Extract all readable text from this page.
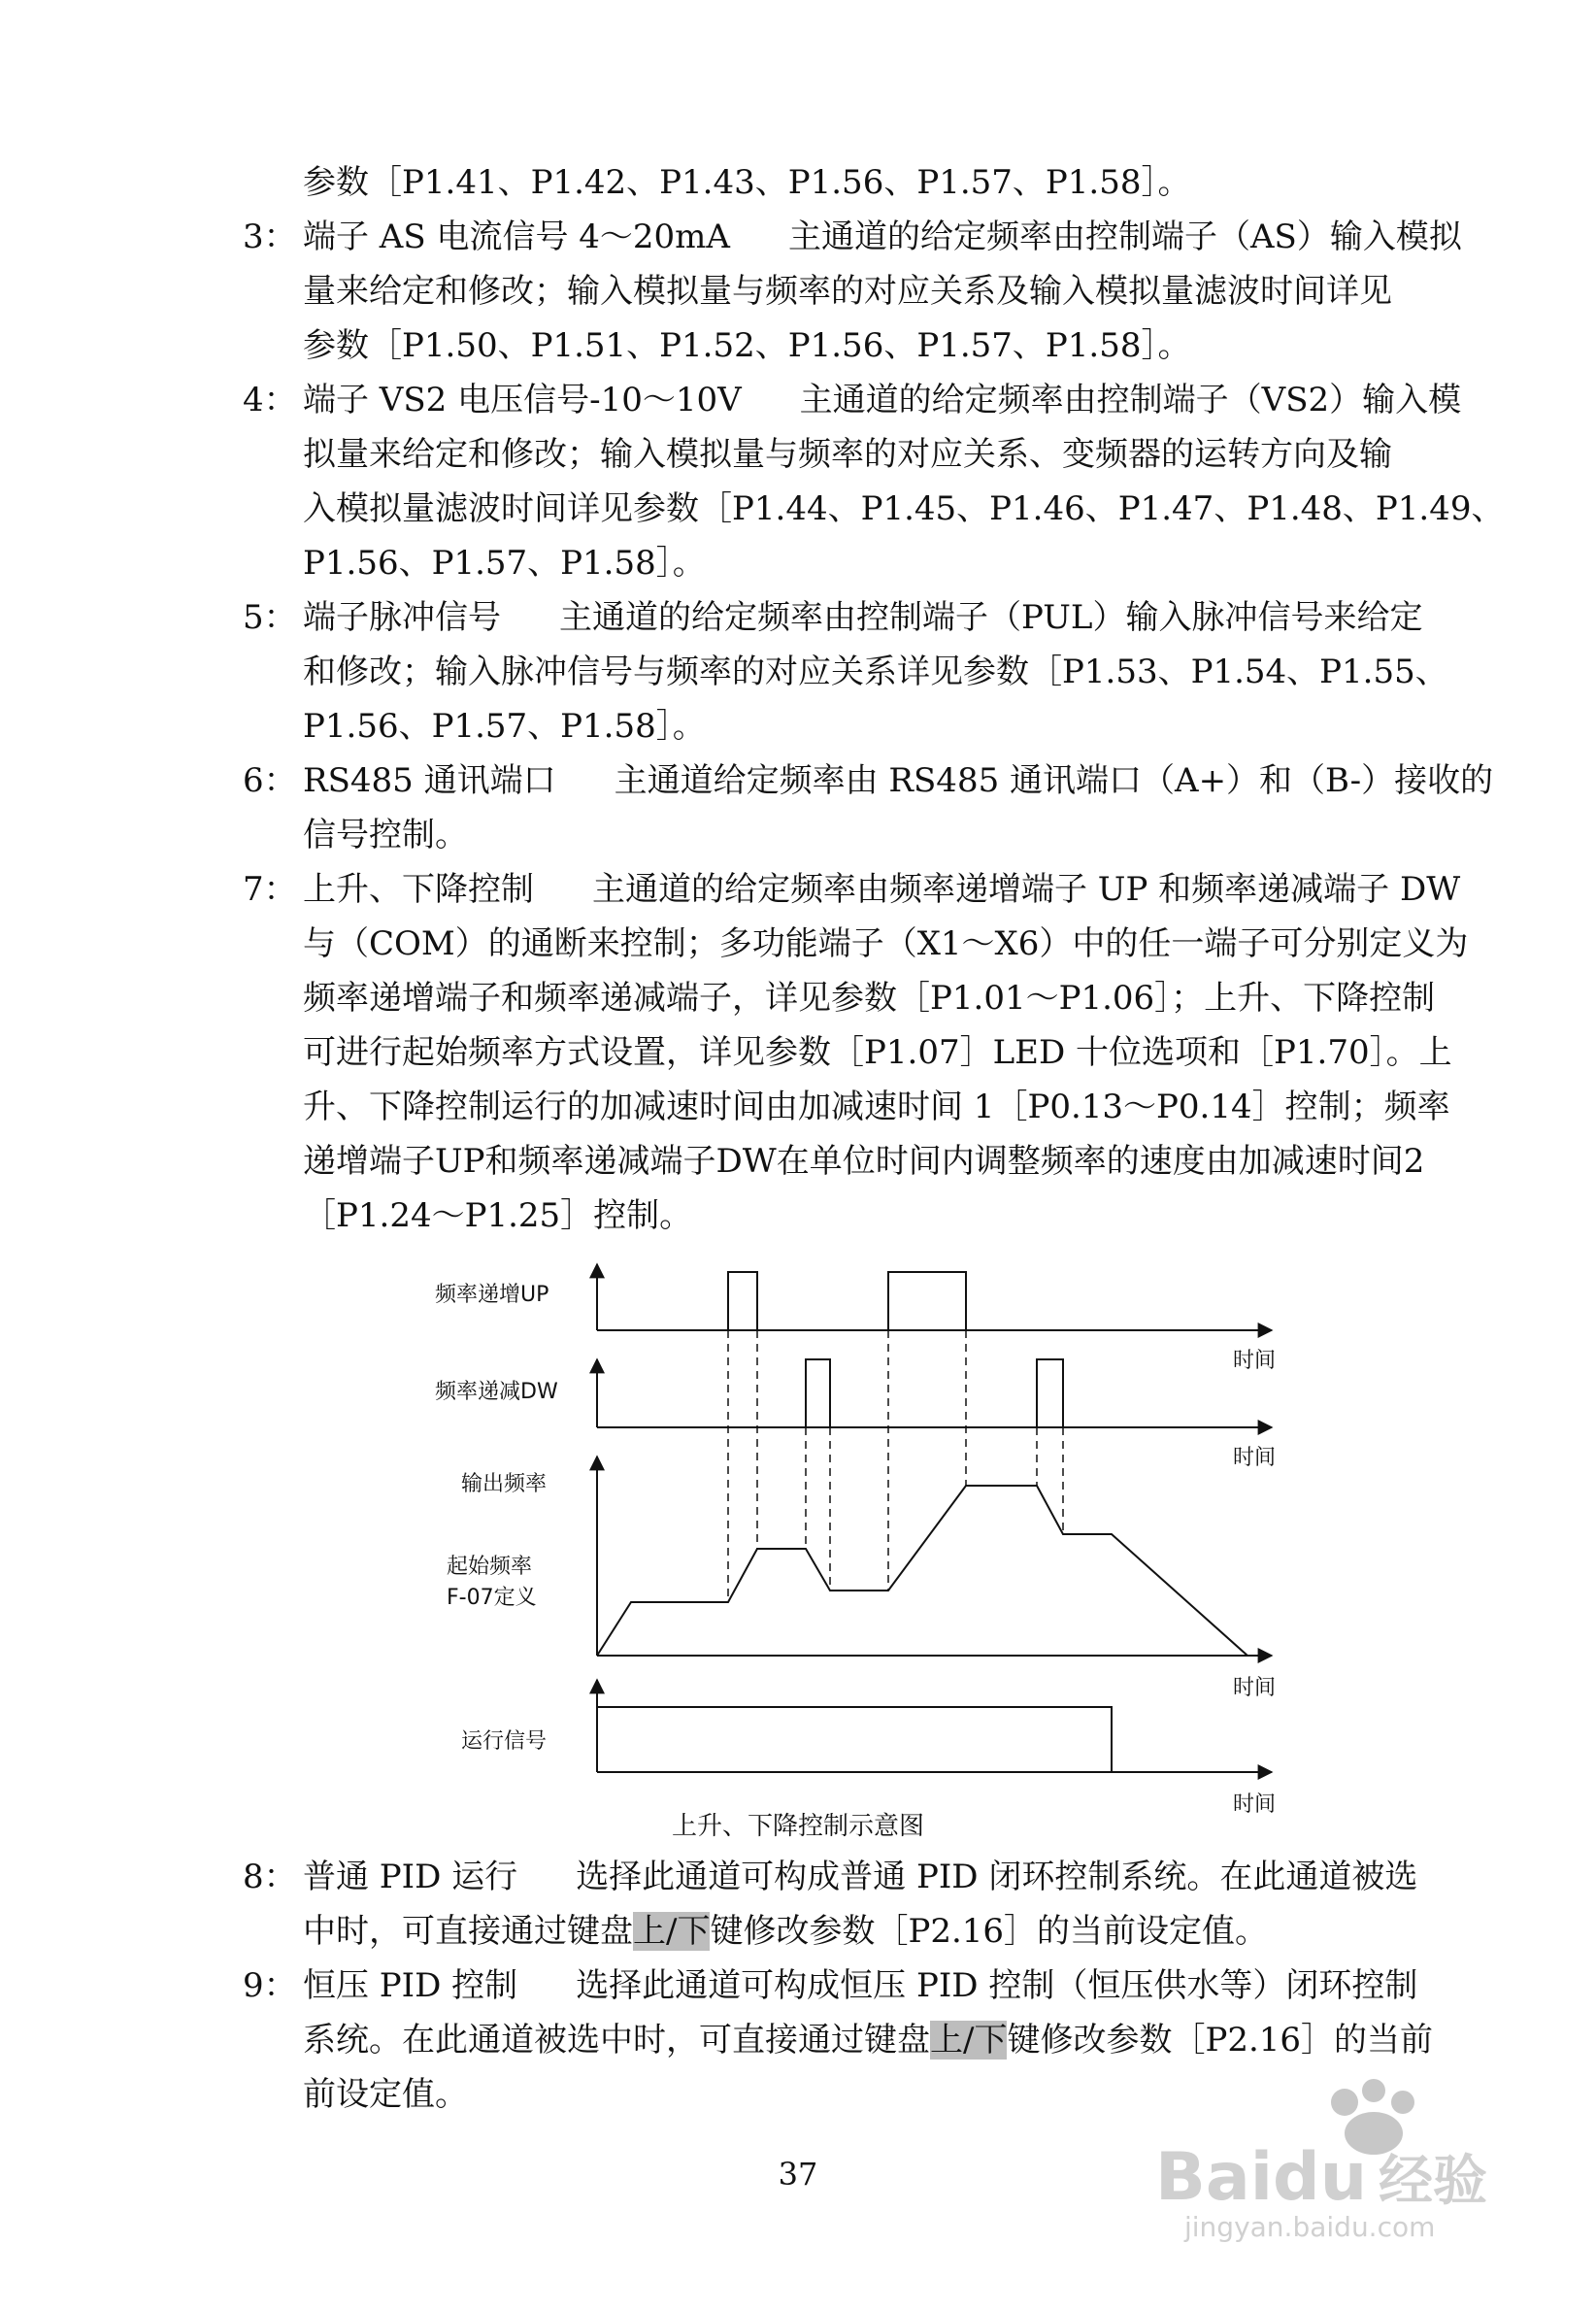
参数［P1.41、P1.42、P1.43、P1.56、P1.57、P1.58］。
3： 端子 AS 电流信号 4～20mA 主通道的给定频率由控制端子（AS）输入模拟
量来给定和修改；输入模拟量与频率的对应关系及输入模拟量滤波时间详见
参数［P1.50、P1.51、P1.52、P1.56、P1.57、P1.58］。
4： 端子 VS2 电压信号-10～10V 主通道的给定频率由控制端子（VS2）输入模
拟量来给定和修改；输入模拟量与频率的对应关系、变频器的运转方向及输
入模拟量滤波时间详见参数［P1.44、P1.45、P1.46、P1.47、P1.48、P1.49、
P1.56、P1.57、P1.58］。
5： 端子脉冲信号 主通道的给定频率由控制端子（PUL）输入脉冲信号来给定
和修改；输入脉冲信号与频率的对应关系详见参数［P1.53、P1.54、P1.55、
P1.56、P1.57、P1.58］。
6： RS485 通讯端口 主通道给定频率由 RS485 通讯端口（A+）和（B-）接收的
信号控制。
7： 上升、下降控制 主通道的给定频率由频率递增端子 UP 和频率递减端子 DW
与（COM）的通断来控制；多功能端子（X1～X6）中的任一端子可分别定义为
频率递增端子和频率递减端子，详见参数［P1.01～P1.06］；上升、下降控制
可进行起始频率方式设置，详见参数［P1.07］LED 十位选项和［P1.70］。上
升、下降控制运行的加减速时间由加减速时间 1［P0.13～P0.14］控制；频率
递增端子UP和频率递减端子DW在单位时间内调整频率的速度由加减速时间2
［P1.24～P1.25］控制。
频率递增UP
频率递减DW
输出频率
起始频率
F-07定义
运行信号
时间
时间
时间
时间
上升、下降控制示意图
8： 普通 PID 运行 选择此通道可构成普通 PID 闭环控制系统。在此通道被选
中时，可直接通过键盘上/下键修改参数［P2.16］的当前设定值。
9： 恒压 PID 控制 选择此通道可构成恒压 PID 控制（恒压供水等）闭环控制
系统。在此通道被选中时，可直接通过键盘上/下键修改参数［P2.16］的当前
前设定值。
37	Baidu 经验
jingyan.baidu.com
